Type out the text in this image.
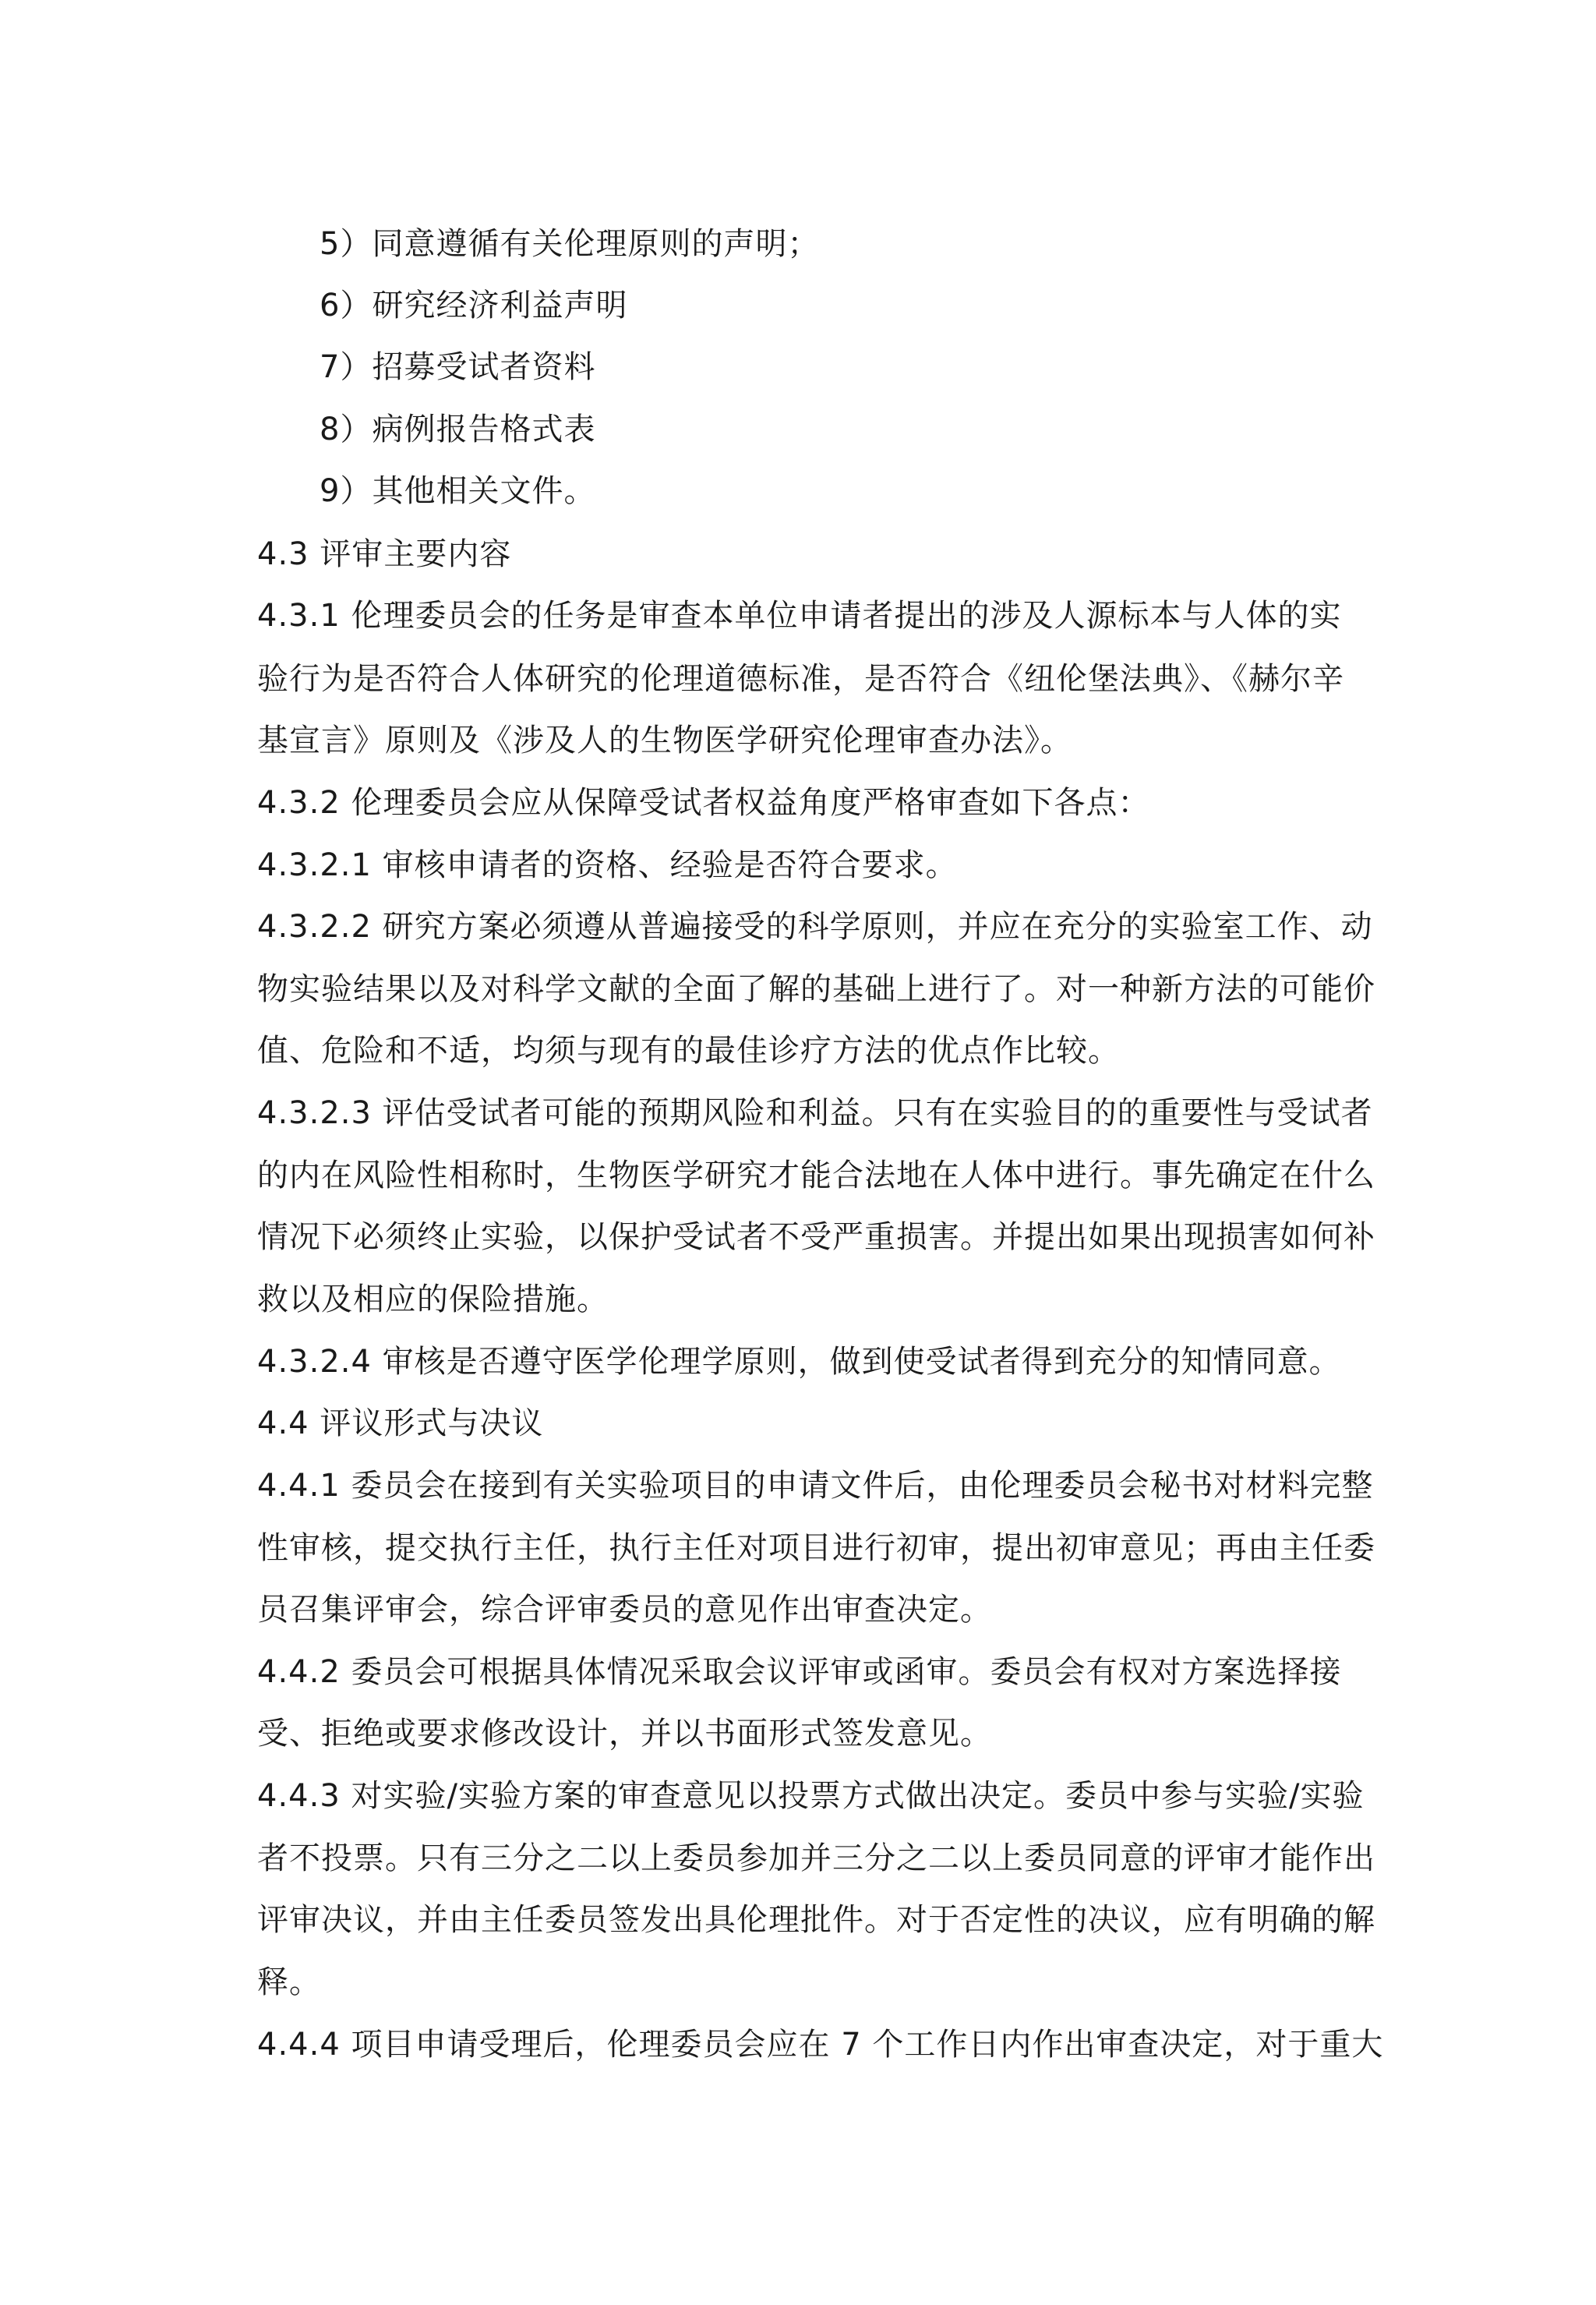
5）同意遵循有关伦理原则的声明；
6）研究经济利益声明
7）招募受试者资料
8）病例报告格式表
9）其他相关文件。
4.3 评审主要内容
4.3.1 伦理委员会的任务是审查本单位申请者提出的涉及人源标本与人体的实
验行为是否符合人体研究的伦理道德标准，是否符合《纽伦堡法典》、《赫尔辛
基宣言》原则及《涉及人的生物医学研究伦理审查办法》。
4.3.2 伦理委员会应从保障受试者权益角度严格审查如下各点：
4.3.2.1 审核申请者的资格、经验是否符合要求。
4.3.2.2 研究方案必须遵从普遍接受的科学原则，并应在充分的实验室工作、动
物实验结果以及对科学文献的全面了解的基础上进行了。对一种新方法的可能价
值、危险和不适，均须与现有的最佳诊疗方法的优点作比较。
4.3.2.3 评估受试者可能的预期风险和利益。只有在实验目的的重要性与受试者
的内在风险性相称时，生物医学研究才能合法地在人体中进行。事先确定在什么
情况下必须终止实验，以保护受试者不受严重损害。并提出如果出现损害如何补
救以及相应的保险措施。
4.3.2.4 审核是否遵守医学伦理学原则，做到使受试者得到充分的知情同意。
4.4 评议形式与决议
4.4.1 委员会在接到有关实验项目的申请文件后，由伦理委员会秘书对材料完整
性审核，提交执行主任，执行主任对项目进行初审，提出初审意见；再由主任委
员召集评审会，综合评审委员的意见作出审查决定。
4.4.2 委员会可根据具体情况采取会议评审或函审。委员会有权对方案选择接
受、拒绝或要求修改设计，并以书面形式签发意见。
4.4.3 对实验/实验方案的审查意见以投票方式做出决定。委员中参与实验/实验
者不投票。只有三分之二以上委员参加并三分之二以上委员同意的评审才能作出
评审决议，并由主任委员签发出具伦理批件。对于否定性的决议，应有明确的解
释。
4.4.4 项目申请受理后，伦理委员会应在 7 个工作日内作出审查决定，对于重大
